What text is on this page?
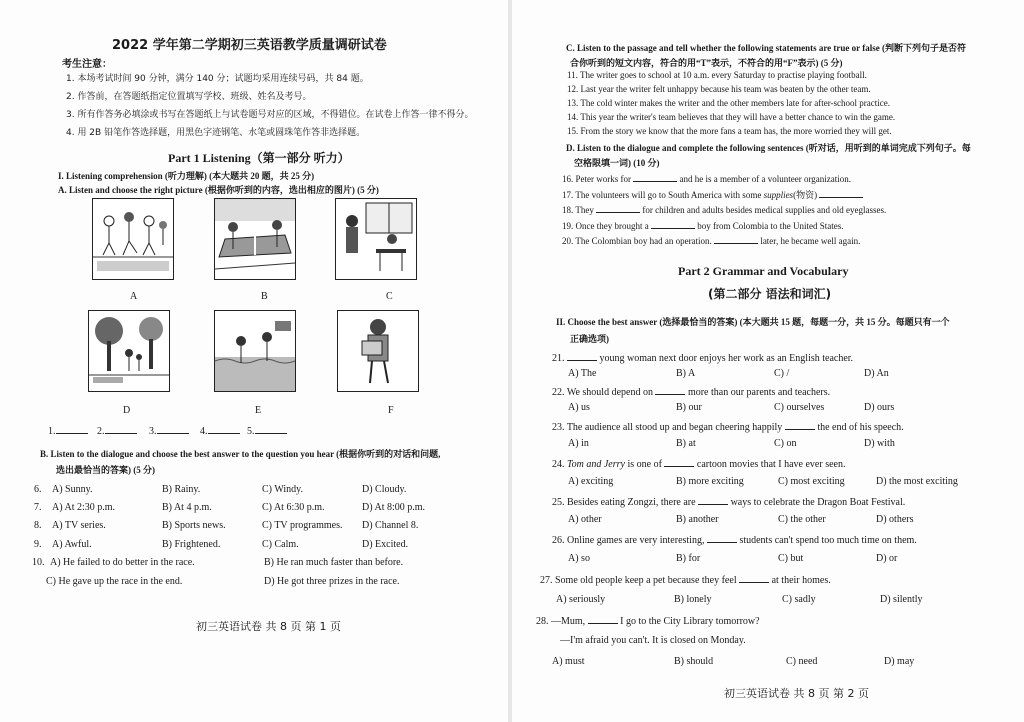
2022 学年第二学期初三英语教学质量调研试卷
考生注意：
1. 本场考试时间 90 分钟，满分 140 分；试题均采用连续号码，共 84 题。
2. 作答前，在答题纸指定位置填写学校、班级、姓名及考号。
3. 所有作答务必填涂或书写在答题纸上与试卷题号对应的区域，不得错位。在试卷上作答一律不得分。
4. 用 2B 铅笔作答选择题，用黑色字迹钢笔、水笔或圆珠笔作答非选择题。
Part 1 Listening（第一部分 听力）
I. Listening comprehension (听力理解) (本大题共 20 题，共 25 分)
A. Listen and choose the right picture (根据你听到的内容，选出相应的图片) (5 分)
A	B	C
D	E	F
1.	2.	3.	4.	5.
B. Listen to the dialogue and choose the best answer to the question you hear (根据你听到的对话和问题,
选出最恰当的答案) (5 分)
6. A) Sunny.	B) Rainy.	C) Windy.	D) Cloudy.
7. A) At 2:30 p.m.	B) At 4 p.m.	C) At 6:30 p.m.	D) At 8:00 p.m.
8. A) TV series.	B) Sports news.	C) TV programmes. D) Channel 8.
9. A) Awful.	B) Frightened.	C) Calm.	D) Excited.
10. A) He failed to do better in the race.	B) He ran much faster than before.
C) He gave up the race in the end.	D) He got three prizes in the race.
初三英语试卷 共 8 页 第 1 页
C. Listen to the passage and tell whether the following statements are true or false (判断下列句子是否符
合你听到的短文内容，符合的用“T”表示，不符合的用“F”表示) (5 分)
11. The writer goes to school at 10 a.m. every Saturday to practise playing football.
12. Last year the writer felt unhappy because his team was beaten by the other team.
13. The cold winter makes the writer and the other members late for after-school practice.
14. This year the writer's team believes that they will have a better chance to win the game.
15. From the story we know that the more fans a team has, the more worried they will get.
D. Listen to the dialogue and complete the following sentences (听对话，用听到的单词完成下列句子。每
空格限填一词) (10 分)
16. Peter works for	and he is a member of a volunteer organization.
17. The volunteers will go to South America with some supplies(物资)
18. They	for children and adults besides medical supplies and old eyeglasses.
19. Once they brought a	boy from Colombia to the United States.
20. The Colombian boy had an operation.	later, he became well again.
Part 2 Grammar and Vocabulary
(第二部分 语法和词汇)
II. Choose the best answer (选择最恰当的答案) (本大题共 15 题，每题一分，共 15 分。每题只有一个
正确选项)
21.	young woman next door enjoys her work as an English teacher.
A) The	B) A	C) /	D) An
22. We should depend on	more than our parents and teachers.
A) us	B) our	C) ourselves	D) ours
23. The audience all stood up and began cheering happily	the end of his speech.
A) in	B) at	C) on	D) with
24. Tom and Jerry is one of	cartoon movies that I have ever seen.
A) exciting	B) more exciting	C) most exciting	D) the most exciting
25. Besides eating Zongzi, there are	ways to celebrate the Dragon Boat Festival.
A) other	B) another	C) the other	D) others
26. Online games are very interesting,	students can't spend too much time on them.
A) so	B) for	C) but	D) or
27. Some old people keep a pet because they feel	at their homes.
A) seriously	B) lonely	C) sadly	D) silently
28. —Mum,	I go to the City Library tomorrow?
—I'm afraid you can't. It is closed on Monday.
A) must	B) should	C) need	D) may
初三英语试卷 共 8 页 第 2 页
